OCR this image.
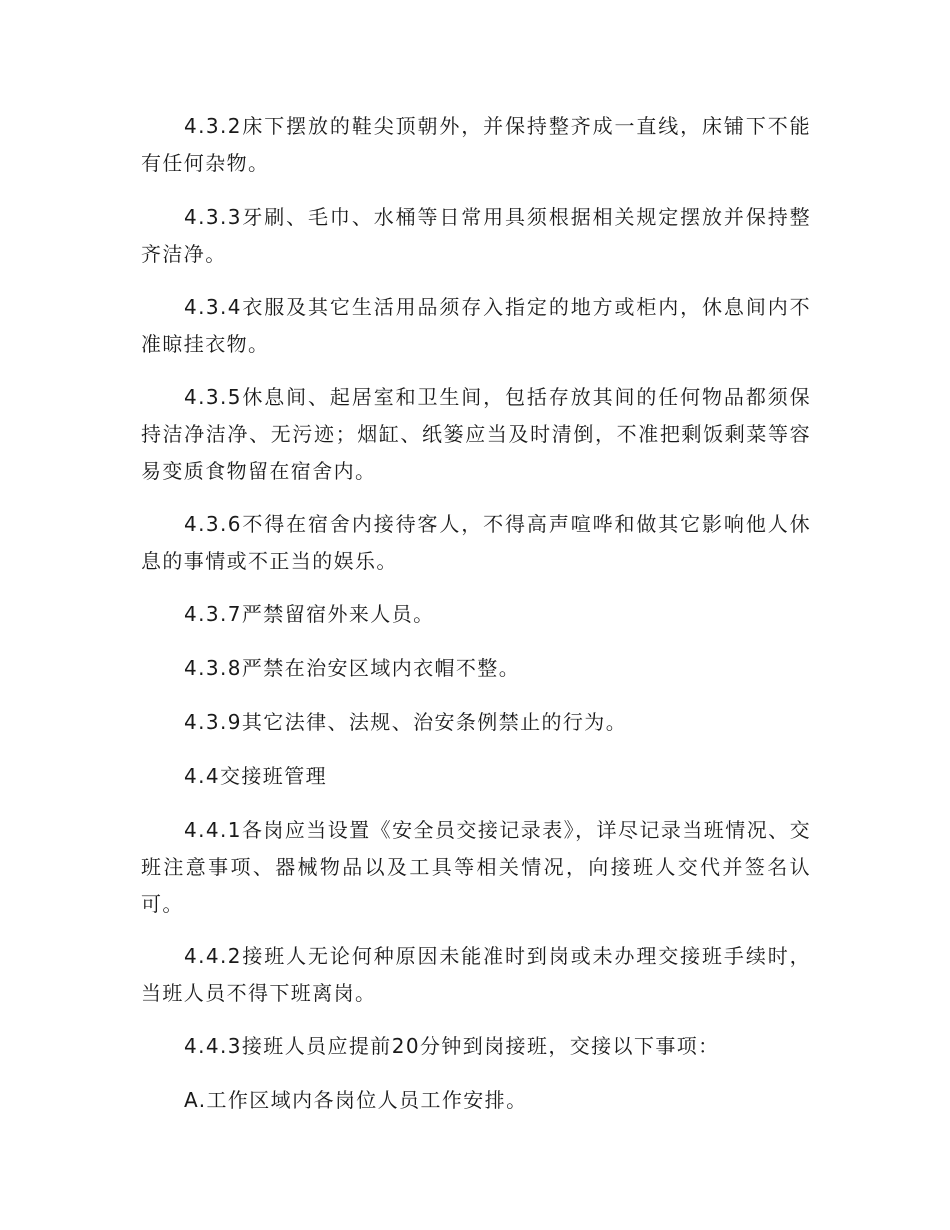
4.3.2床下摆放的鞋尖顶朝外，并保持整齐成一直线，床铺下不能有任何杂物。

4.3.3牙刷、毛巾、水桶等日常用具须根据相关规定摆放并保持整齐洁净。

4.3.4衣服及其它生活用品须存入指定的地方或柜内，休息间内不准晾挂衣物。

4.3.5休息间、起居室和卫生间，包括存放其间的任何物品都须保持洁净洁净、无污迹；烟缸、纸篓应当及时清倒，不准把剩饭剩菜等容易变质食物留在宿舍内。

4.3.6不得在宿舍内接待客人，不得高声喧哗和做其它影响他人休息的事情或不正当的娱乐。

4.3.7严禁留宿外来人员。

4.3.8严禁在治安区域内衣帽不整。

4.3.9其它法律、法规、治安条例禁止的行为。

4.4交接班管理

4.4.1各岗应当设置《安全员交接记录表》，详尽记录当班情况、交班注意事项、器械物品以及工具等相关情况，向接班人交代并签名认可。

4.4.2接班人无论何种原因未能准时到岗或未办理交接班手续时，当班人员不得下班离岗。

4.4.3接班人员应提前20分钟到岗接班，交接以下事项：

A.工作区域内各岗位人员工作安排。
